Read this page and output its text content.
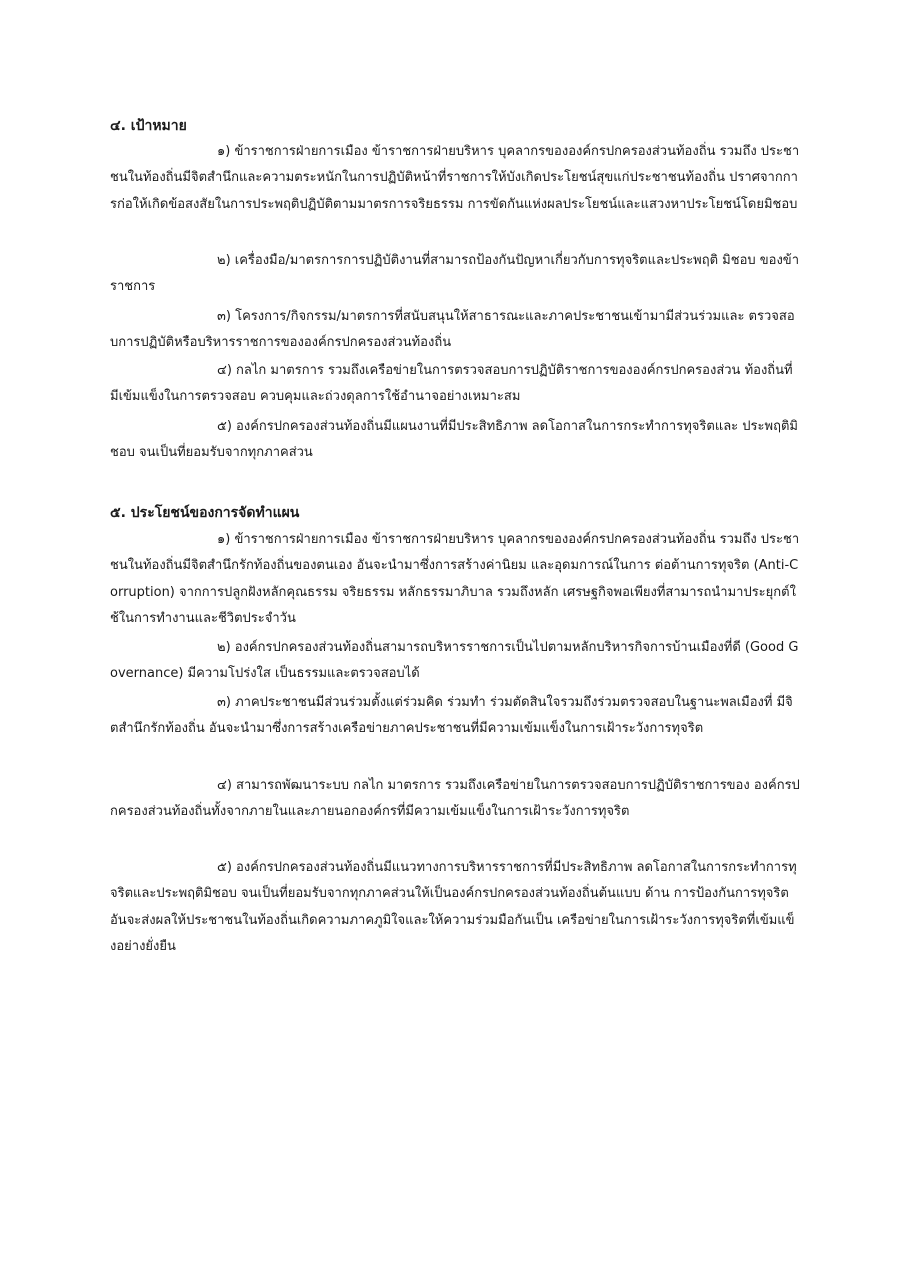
๔. เป้าหมาย

๑) ข้าราชการฝ่ายการเมือง ข้าราชการฝ่ายบริหาร บุคลากรขององค์กรปกครองส่วนท้องถิ่น รวมถึง ประชาชนในท้องถิ่นมีจิตสำนึกและความตระหนักในการปฏิบัติหน้าที่ราชการให้บังเกิดประโยชน์สุขแก่ประชาชนท้องถิ่น ปราศจากการก่อให้เกิดข้อสงสัยในการประพฤติปฏิบัติตามมาตรการจริยธรรม การขัดกันแห่งผลประโยชน์และแสวงหาประโยชน์โดยมิชอบ

๒) เครื่องมือ/มาตรการการปฏิบัติงานที่สามารถป้องกันปัญหาเกี่ยวกับการทุจริตและประพฤติ มิชอบ ของข้าราชการ

๓) โครงการ/กิจกรรม/มาตรการที่สนับสนุนให้สาธารณะและภาคประชาชนเข้ามามีส่วนร่วมและ ตรวจสอบการปฏิบัติหรือบริหารราชการขององค์กรปกครองส่วนท้องถิ่น

๔) กลไก มาตรการ รวมถึงเครือข่ายในการตรวจสอบการปฏิบัติราชการขององค์กรปกครองส่วน ท้องถิ่นที่มีเข้มแข็งในการตรวจสอบ ควบคุมและถ่วงดุลการใช้อำนาจอย่างเหมาะสม

๕) องค์กรปกครองส่วนท้องถิ่นมีแผนงานที่มีประสิทธิภาพ ลดโอกาสในการกระทำการทุจริตและ ประพฤติมิชอบ จนเป็นที่ยอมรับจากทุกภาคส่วน

๕. ประโยชน์ของการจัดทำแผน

๑) ข้าราชการฝ่ายการเมือง ข้าราชการฝ่ายบริหาร บุคลากรขององค์กรปกครองส่วนท้องถิ่น รวมถึง ประชาชนในท้องถิ่นมีจิตสำนึกรักท้องถิ่นของตนเอง อันจะนำมาซึ่งการสร้างค่านิยม และอุดมการณ์ในการ ต่อต้านการทุจริต (Anti-Corruption) จากการปลูกฝังหลักคุณธรรม จริยธรรม หลักธรรมาภิบาล รวมถึงหลัก เศรษฐกิจพอเพียงที่สามารถนำมาประยุกต์ใช้ในการทำงานและชีวิตประจำวัน

๒) องค์กรปกครองส่วนท้องถิ่นสามารถบริหารราชการเป็นไปตามหลักบริหารกิจการบ้านเมืองที่ดี (Good Governance) มีความโปร่งใส เป็นธรรมและตรวจสอบได้

๓) ภาคประชาชนมีส่วนร่วมตั้งแต่ร่วมคิด ร่วมทำ ร่วมตัดสินใจรวมถึงร่วมตรวจสอบในฐานะพลเมืองที่ มีจิตสำนึกรักท้องถิ่น อันจะนำมาซึ่งการสร้างเครือข่ายภาคประชาชนที่มีความเข้มแข็งในการเฝ้าระวังการทุจริต

๔) สามารถพัฒนาระบบ กลไก มาตรการ รวมถึงเครือข่ายในการตรวจสอบการปฏิบัติราชการของ องค์กรปกครองส่วนท้องถิ่นทั้งจากภายในและภายนอกองค์กรที่มีความเข้มแข็งในการเฝ้าระวังการทุจริต

๕) องค์กรปกครองส่วนท้องถิ่นมีแนวทางการบริหารราชการที่มีประสิทธิภาพ ลดโอกาสในการกระทำการทุจริตและประพฤติมิชอบ จนเป็นที่ยอมรับจากทุกภาคส่วนให้เป็นองค์กรปกครองส่วนท้องถิ่นต้นแบบ ด้าน การป้องกันการทุจริต อันจะส่งผลให้ประชาชนในท้องถิ่นเกิดความภาคภูมิใจและให้ความร่วมมือกันเป็น เครือข่ายในการเฝ้าระวังการทุจริตที่เข้มแข็งอย่างยั่งยืน
